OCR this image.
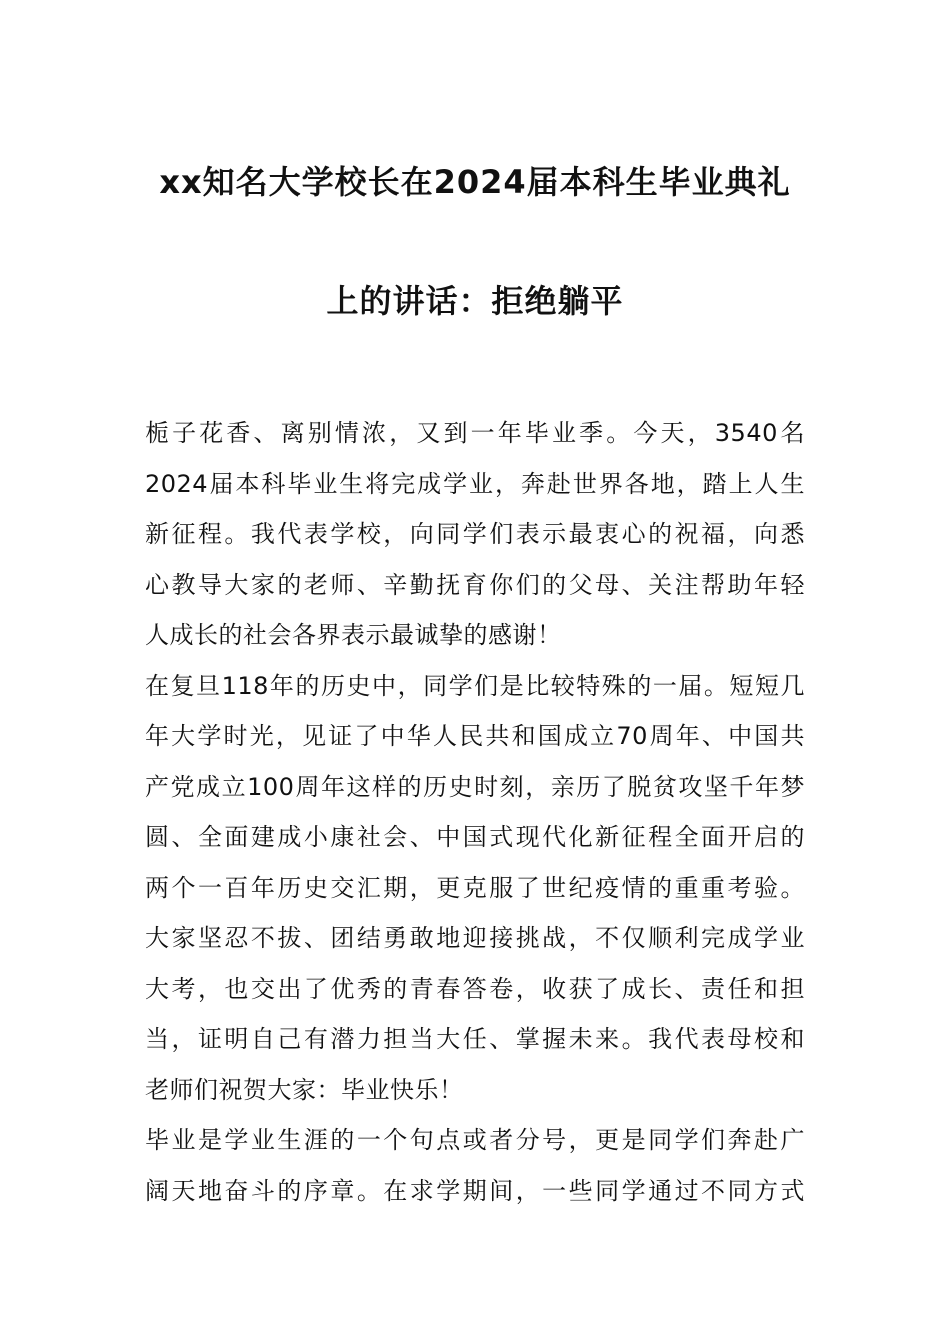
xx知名大学校长在2024届本科生毕业典礼
上的讲话：拒绝躺平
栀子花香、离别情浓，又到一年毕业季。今天，3540名
2024届本科毕业生将完成学业，奔赴世界各地，踏上人生
新征程。我代表学校，向同学们表示最衷心的祝福，向悉
心教导大家的老师、辛勤抚育你们的父母、关注帮助年轻
人成长的社会各界表示最诚挚的感谢！
在复旦118年的历史中，同学们是比较特殊的一届。短短几
年大学时光，见证了中华人民共和国成立70周年、中国共
产党成立100周年这样的历史时刻，亲历了脱贫攻坚千年梦
圆、全面建成小康社会、中国式现代化新征程全面开启的
两个一百年历史交汇期，更克服了世纪疫情的重重考验。
大家坚忍不拔、团结勇敢地迎接挑战，不仅顺利完成学业
大考，也交出了优秀的青春答卷，收获了成长、责任和担
当，证明自己有潜力担当大任、掌握未来。我代表母校和
老师们祝贺大家：毕业快乐！
毕业是学业生涯的一个句点或者分号，更是同学们奔赴广
阔天地奋斗的序章。在求学期间，一些同学通过不同方式
